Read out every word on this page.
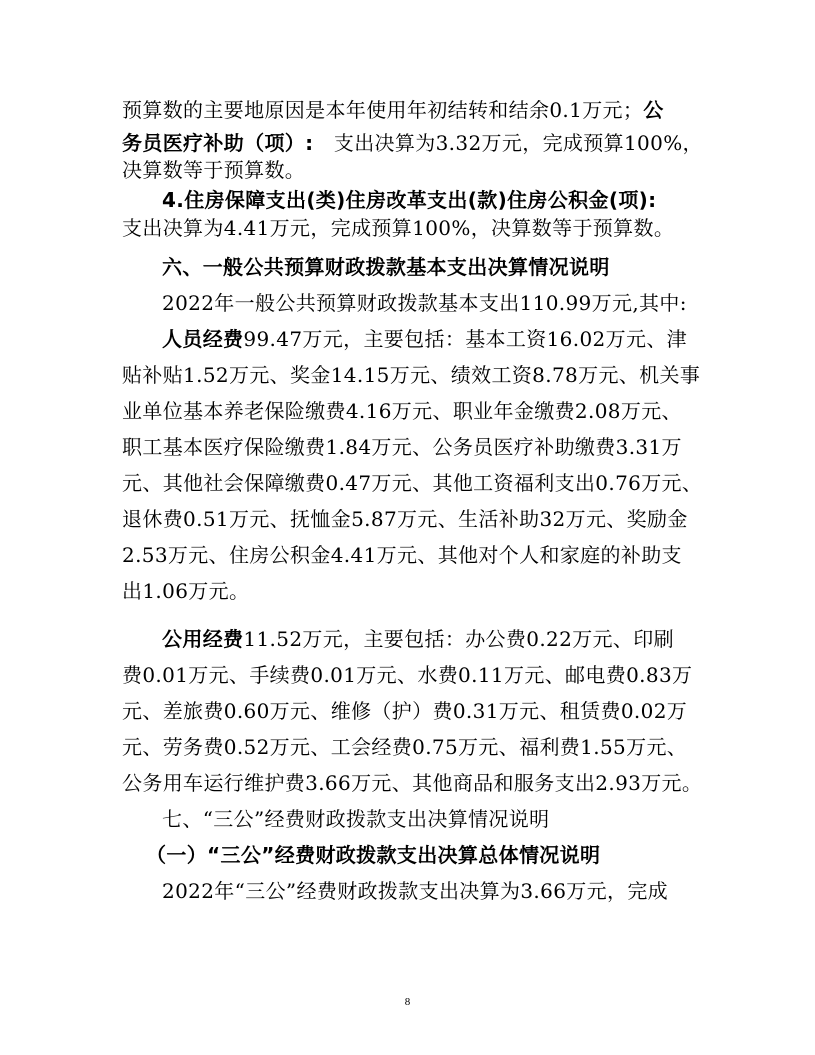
预算数的主要地原因是本年使用年初结转和结余0.1万元；公
务员医疗补助（项）:　支出决算为3.32万元，完成预算100%，
决算数等于预算数。
4.住房保障支出(类)住房改革支出(款)住房公积金(项):
支出决算为4.41万元，完成预算100%，决算数等于预算数。
六、一般公共预算财政拨款基本支出决算情况说明
2022年一般公共预算财政拨款基本支出110.99万元,其中:
人员经费99.47万元，主要包括：基本工资16.02万元、津
贴补贴1.52万元、奖金14.15万元、绩效工资8.78万元、机关事
业单位基本养老保险缴费4.16万元、职业年金缴费2.08万元、
职工基本医疗保险缴费1.84万元、公务员医疗补助缴费3.31万
元、其他社会保障缴费0.47万元、其他工资福利支出0.76万元、
退休费0.51万元、抚恤金5.87万元、生活补助32万元、奖励金
2.53万元、住房公积金4.41万元、其他对个人和家庭的补助支
出1.06万元。
公用经费11.52万元，主要包括：办公费0.22万元、印刷
费0.01万元、手续费0.01万元、水费0.11万元、邮电费0.83万
元、差旅费0.60万元、维修（护）费0.31万元、租赁费0.02万
元、劳务费0.52万元、工会经费0.75万元、福利费1.55万元、
公务用车运行维护费3.66万元、其他商品和服务支出2.93万元。
七、“三公”经费财政拨款支出决算情况说明
（一）“三公”经费财政拨款支出决算总体情况说明
2022年“三公”经费财政拨款支出决算为3.66万元，完成
8
